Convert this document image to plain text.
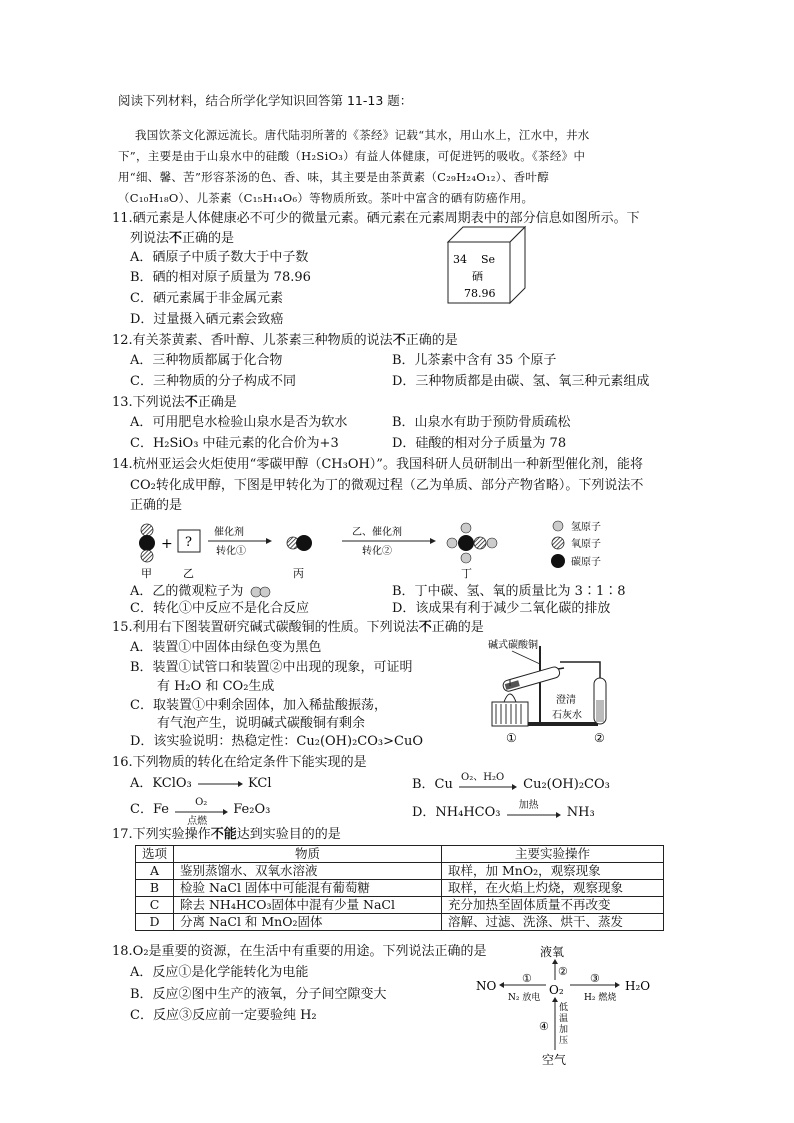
阅读下列材料，结合所学化学知识回答第 11-13 题：
我国饮茶文化源远流长。唐代陆羽所著的《茶经》记载“其水，用山水上，江水中，井水
下”，主要是由于山泉水中的硅酸（H₂SiO₃）有益人体健康，可促进钙的吸收。《茶经》中
用“细、馨、苦”形容茶汤的色、香、味，其主要是由茶黄素（C₂₉H₂₄O₁₂）、香叶醇
（C₁₀H₁₈O）、儿茶素（C₁₅H₁₄O₆）等物质所致。茶叶中富含的硒有防癌作用。
11.硒元素是人体健康必不可少的微量元素。硒元素在元素周期表中的部分信息如图所示。下
列说法不正确的是
A．硒原子中质子数大于中子数
B．硒的相对原子质量为 78.96
C．硒元素属于非金属元素
D．过量摄入硒元素会致癌
34 Se
硒
78.96
12.有关茶黄素、香叶醇、儿茶素三种物质的说法不正确的是
A．三种物质都属于化合物	B．儿茶素中含有 35 个原子
C．三种物质的分子构成不同	D．三种物质都是由碳、氢、氧三种元素组成
13.下列说法不正确是
A．可用肥皂水检验山泉水是否为软水	B．山泉水有助于预防骨质疏松
C．H₂SiO₃ 中硅元素的化合价为+3	D．硅酸的相对分子质量为 78
14.杭州亚运会火炬使用“零碳甲醇（CH₃OH）”。我国科研人员研制出一种新型催化剂，能将
CO₂转化成甲醇，下图是甲转化为丁的微观过程（乙为单质、部分产物省略）。下列说法不
正确的是
甲
+ ?
乙
催化剂
转化①
丙
乙、催化剂
转化②
丁
氢原子
氧原子
碳原子
A．乙的微观粒子为	B．丁中碳、氢、氧的质量比为 3∶1∶8
C．转化①中反应不是化合反应	D．该成果有利于减少二氧化碳的排放
15.利用右下图装置研究碱式碳酸铜的性质。下列说法不正确的是
A．装置①中固体由绿色变为黑色
B．装置①试管口和装置②中出现的现象，可证明
有 H₂O 和 CO₂生成
C．取装置①中剩余固体，加入稀盐酸振荡，
有气泡产生，说明碱式碳酸铜有剩余
D．该实验说明：热稳定性：Cu₂(OH)₂CO₃>CuO
碱式碳酸铜
澄清
石灰水
①	②
16.下列物质的转化在给定条件下能实现的是
A．KClO₃	KCl	B．Cu O₂、H₂O Cu₂(OH)₂CO₃
C．Fe	O₂
点燃
Fe₂O₃	D．NH₄HCO₃ 加热 NH₃
17.下列实验操作不能达到实验目的的是
选项	物质	主要实验操作
A	鉴别蒸馏水、双氧水溶液	取样，加 MnO₂，观察现象
B	检验 NaCl 固体中可能混有葡萄糖	取样，在火焰上灼烧，观察现象
C	除去 NH₄HCO₃固体中混有少量 NaCl	充分加热至固体质量不再改变
D	分离 NaCl 和 MnO₂固体	溶解、过滤、洗涤、烘干、蒸发
18.O₂是重要的资源，在生活中有重要的用途。下列说法正确的是
A．反应①是化学能转化为电能
B．反应②图中生产的液氧，分子间空隙变大
C．反应③反应前一定要验纯 H₂
液氧
O₂
NO	H₂O
空气
②
①
N₂ 放电
③
H₂ 燃烧
④
低
温
加
压
